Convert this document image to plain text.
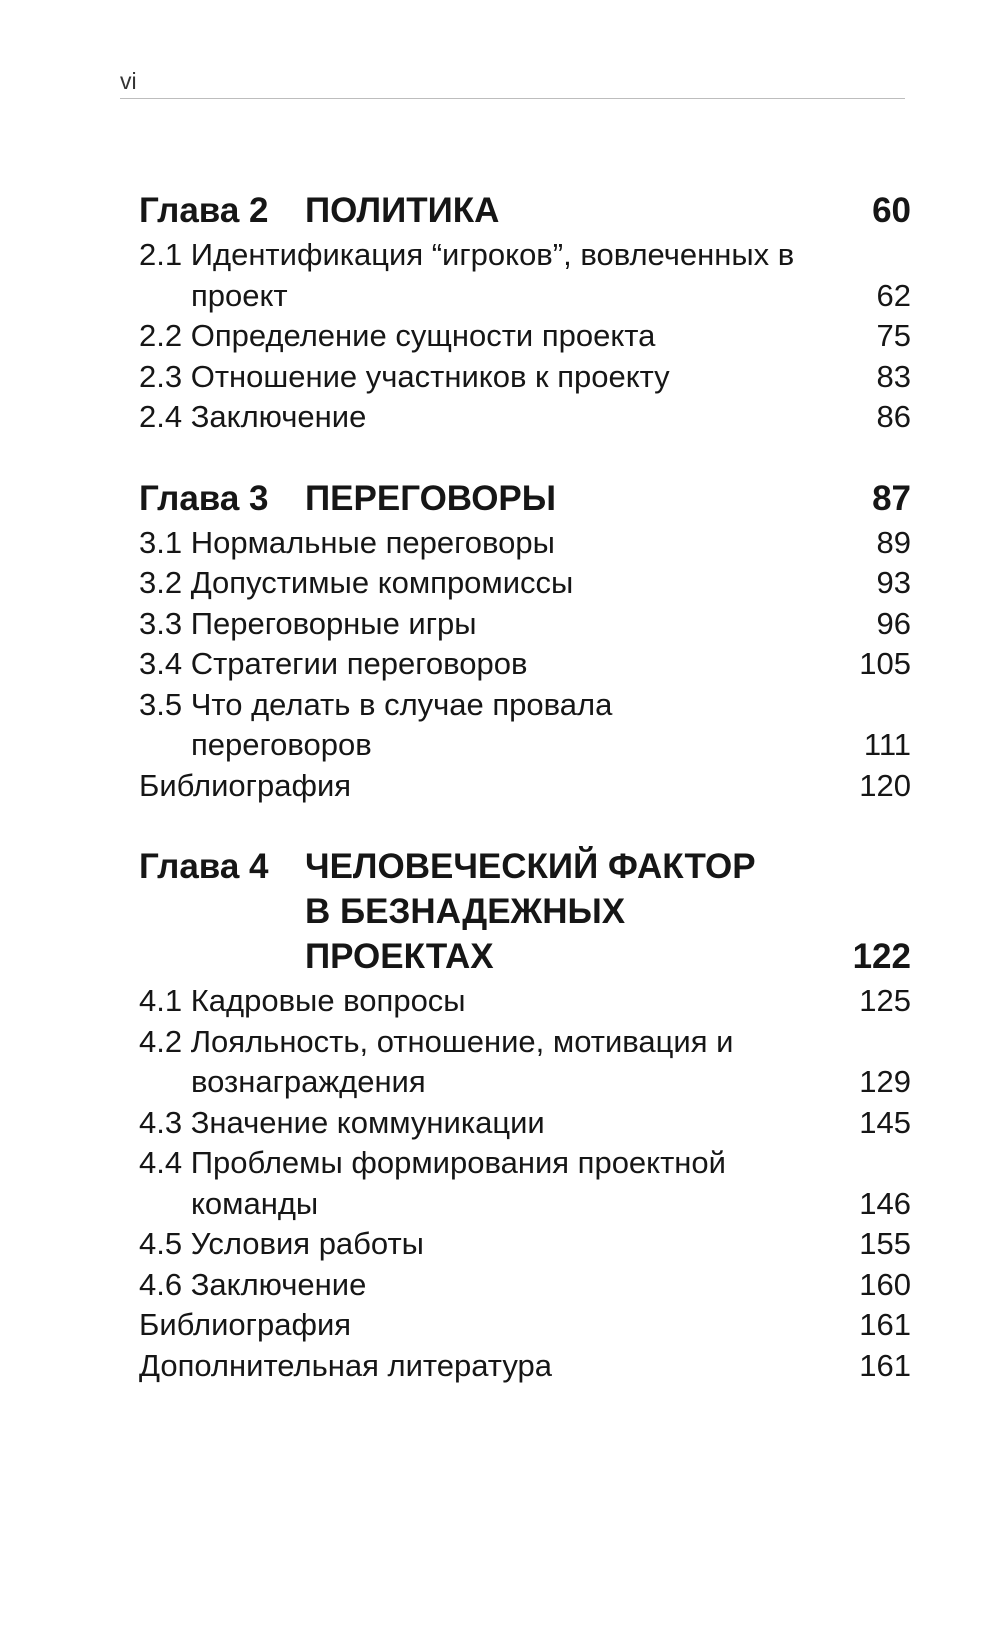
vi
Глава 2	ПОЛИТИКА	60
2.1 Идентификация “игроков”, вовлеченных в проект	62
2.2 Определение сущности проекта	75
2.3 Отношение участников к проекту	83
2.4 Заключение	86
Глава 3	ПЕРЕГОВОРЫ	87
3.1 Нормальные переговоры	89
3.2 Допустимые компромиссы	93
3.3 Переговорные игры	96
3.4 Стратегии переговоров	105
3.5 Что делать в случае провала переговоров	111
Библиография	120
Глава 4	ЧЕЛОВЕЧЕСКИЙ ФАКТОР
В БЕЗНАДЕЖНЫХ
ПРОЕКТАХ	122
4.1 Кадровые вопросы	125
4.2 Лояльность, отношение, мотивация и вознаграждения	129
4.3 Значение коммуникации	145
4.4 Проблемы формирования проектной команды	146
4.5 Условия работы	155
4.6 Заключение	160
Библиография	161
Дополнительная литература	161
